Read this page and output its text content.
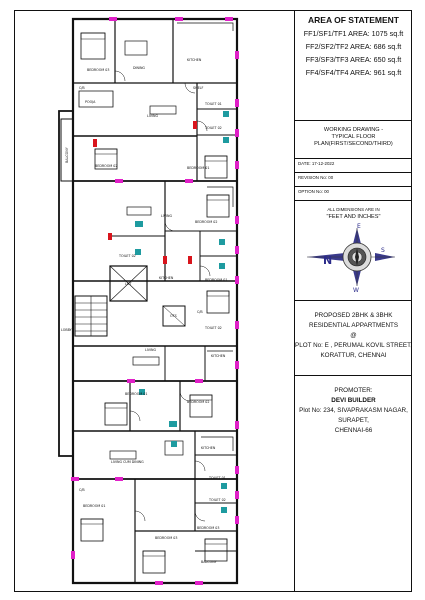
BEDROOM 03	DINING
KITCHEN
SHELF
POOJA
LIVING
TOILET 01
TOILET 02
BALCONY
BEDROOM 02	BEDROOM 01
BEDROOM 02
LIVING
TOILET 02
KITCHEN	BEDROOM 01
LIFT
OTS
TOILET 02
LOBBY
C/B
LIVING
KITCHEN
BEDROOM 01
BEDROOM 02
KITCHEN
LIVING CUM DINING
TOILET 01
TOILET 02
BEDROOM 01
BEDROOM 03
BEDROOM 03
BALCONY
C/B
C/B
AREA OF STATEMENT
FF1/SF1/TF1 AREA: 1075 sq.ft
FF2/SF2/TF2 AREA: 686 sq.ft
FF3/SF3/TF3 AREA: 650 sq.ft
FF4/SF4/TF4 AREA: 961 sq.ft
WORKING DRAWING -
TYPICAL FLOOR
PLAN(FIRST/SECOND/THIRD)
DATE: 17-12-2022
REVISION No: 00
OPTION No: 00
ALL DIMENSIONS ARE IN
"FEET AND INCHES"
N
S
E
W
PROPOSED 2BHK & 3BHK
RESIDENTIAL APPARTMENTS
@
PLOT No: E , PERUMAL KOVIL STREET,
KORATTUR, CHENNAI
PROMOTER:
DEVI BUILDER
Plot No: 234, SIVAPRAKASM NAGAR,
SURAPET,
CHENNAI-66
